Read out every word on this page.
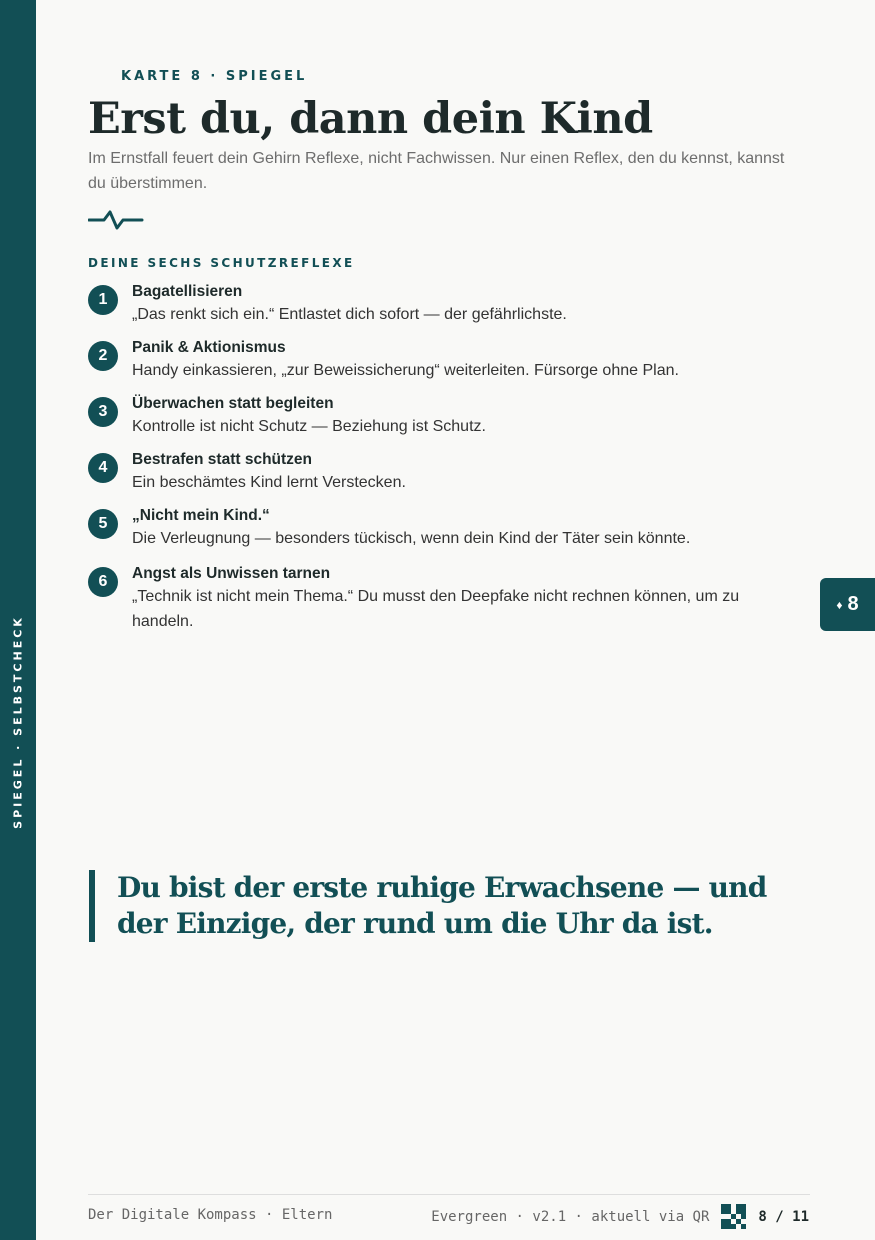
SPIEGEL · SELBSTCHECK
KARTE 8 · SPIEGEL
Erst du, dann dein Kind
Im Ernstfall feuert dein Gehirn Reflexe, nicht Fachwissen. Nur einen Reflex, den du kennst, kannst du überstimmen.
DEINE SECHS SCHUTZREFLEXE
1	Bagatellisieren
„Das renkt sich ein.“ Entlastet dich sofort — der gefährlichste.
2	Panik & Aktionismus
Handy einkassieren, „zur Beweissicherung“ weiterleiten. Fürsorge ohne Plan.
3	Überwachen statt begleiten
Kontrolle ist nicht Schutz — Beziehung ist Schutz.
4	Bestrafen statt schützen
Ein beschämtes Kind lernt Verstecken.
5	„Nicht mein Kind.“
Die Verleugnung — besonders tückisch, wenn dein Kind der Täter sein könnte.
6	Angst als Unwissen tarnen
„Technik ist nicht mein Thema.“ Du musst den Deepfake nicht rechnen können, um zu handeln.
♦ 8
Du bist der erste ruhige Erwachsene — und der Einzige, der rund um die Uhr da ist.
Der Digitale Kompass · Eltern	Evergreen · v2.1 · aktuell via QR	8 / 11
